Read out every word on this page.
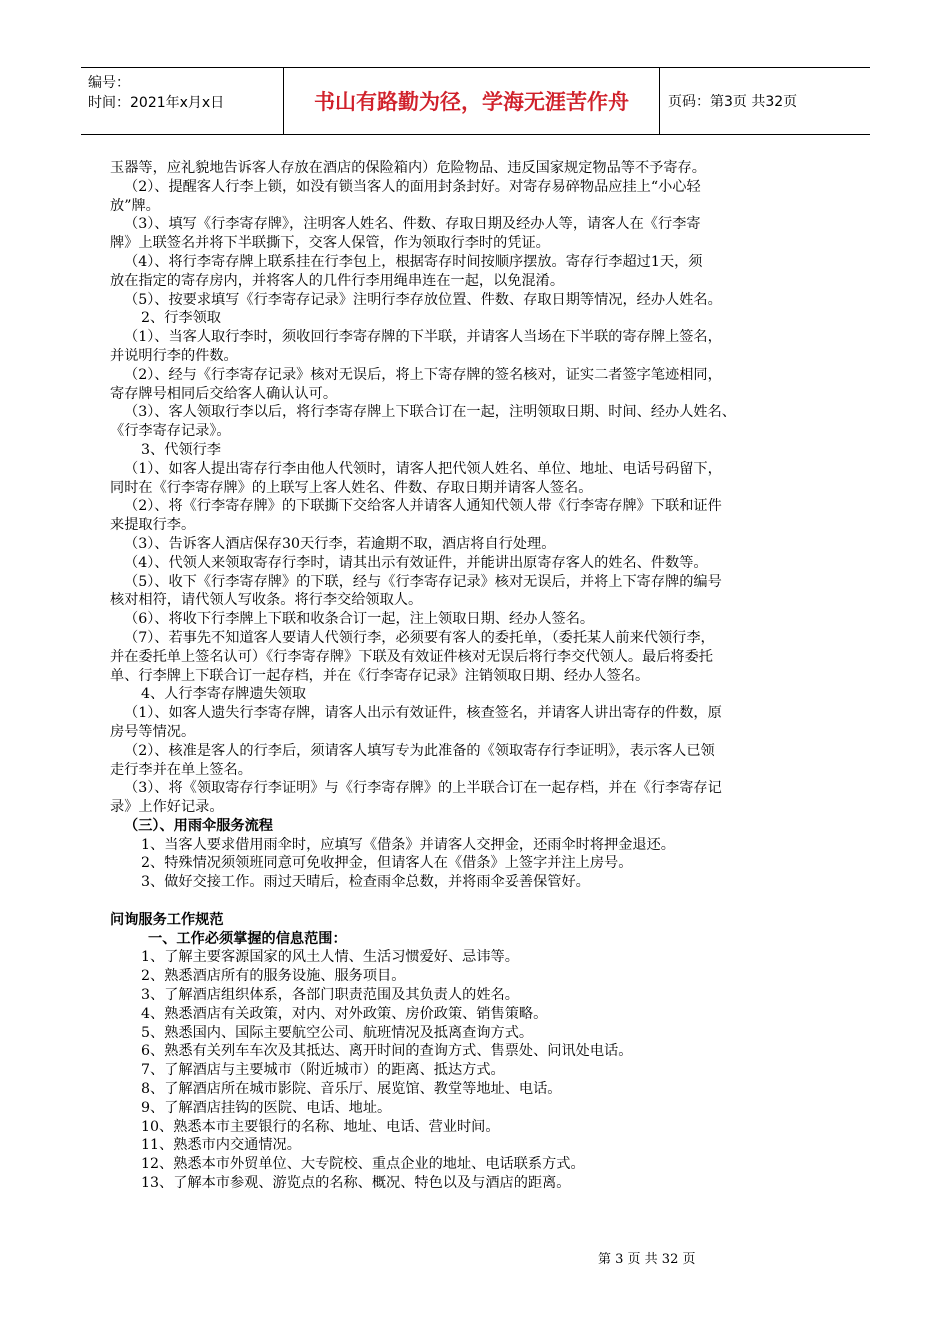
编号：
时间：2021年x月x日	书山有路勤为径，学海无涯苦作舟	页码：第3页 共32页
玉器等，应礼貌地告诉客人存放在酒店的保险箱内）危险物品、违反国家规定物品等不予寄存。
（2）、提醒客人行李上锁，如没有锁当客人的面用封条封好。对寄存易碎物品应挂上“小心轻
放”牌。
（3）、填写《行李寄存牌》，注明客人姓名、件数、存取日期及经办人等，请客人在《行李寄
牌》上联签名并将下半联撕下，交客人保管，作为领取行李时的凭证。
（4）、将行李寄存牌上联系挂在行李包上，根据寄存时间按顺序摆放。寄存行李超过1天，须
放在指定的寄存房内，并将客人的几件行李用绳串连在一起，以免混淆。
（5）、按要求填写《行李寄存记录》注明行李存放位置、件数、存取日期等情况，经办人姓名。
2、行李领取
（1）、当客人取行李时，须收回行李寄存牌的下半联，并请客人当场在下半联的寄存牌上签名，
并说明行李的件数。
（2）、经与《行李寄存记录》核对无误后，将上下寄存牌的签名核对，证实二者签字笔迹相同，
寄存牌号相同后交给客人确认认可。
（3）、客人领取行李以后，将行李寄存牌上下联合订在一起，注明领取日期、时间、经办人姓名、
《行李寄存记录》。
3、代领行李
（1）、如客人提出寄存行李由他人代领时，请客人把代领人姓名、单位、地址、电话号码留下，
同时在《行李寄存牌》的上联写上客人姓名、件数、存取日期并请客人签名。
（2）、将《行李寄存牌》的下联撕下交给客人并请客人通知代领人带《行李寄存牌》下联和证件
来提取行李。
（3）、告诉客人酒店保存30天行李，若逾期不取，酒店将自行处理。
（4）、代领人来领取寄存行李时，请其出示有效证件，并能讲出原寄存客人的姓名、件数等。
（5）、收下《行李寄存牌》的下联，经与《行李寄存记录》核对无误后，并将上下寄存牌的编号
核对相符，请代领人写收条。将行李交给领取人。
（6）、将收下行李牌上下联和收条合订一起，注上领取日期、经办人签名。
（7）、若事先不知道客人要请人代领行李，必须要有客人的委托单，（委托某人前来代领行李，
并在委托单上签名认可）《行李寄存牌》下联及有效证件核对无误后将行李交代领人。最后将委托
单、行李牌上下联合订一起存档，并在《行李寄存记录》注销领取日期、经办人签名。
4、人行李寄存牌遗失领取
（1）、如客人遗失行李寄存牌，请客人出示有效证件，核查签名，并请客人讲出寄存的件数，原
房号等情况。
（2）、核准是客人的行李后，须请客人填写专为此准备的《领取寄存行李证明》，表示客人已领
走行李并在单上签名。
（3）、将《领取寄存行李证明》与《行李寄存牌》的上半联合订在一起存档，并在《行李寄存记
录》上作好记录。
（三）、用雨伞服务流程
1、当客人要求借用雨伞时，应填写《借条》并请客人交押金，还雨伞时将押金退还。
2、特殊情况须领班同意可免收押金，但请客人在《借条》上签字并注上房号。
3、做好交接工作。雨过天晴后，检查雨伞总数，并将雨伞妥善保管好。
问询服务工作规范
一、工作必须掌握的信息范围：
1、了解主要客源国家的风土人情、生活习惯爱好、忌讳等。
2、熟悉酒店所有的服务设施、服务项目。
3、了解酒店组织体系，各部门职责范围及其负责人的姓名。
4、熟悉酒店有关政策，对内、对外政策、房价政策、销售策略。
5、熟悉国内、国际主要航空公司、航班情况及抵离查询方式。
6、熟悉有关列车车次及其抵达、离开时间的查询方式、售票处、问讯处电话。
7、了解酒店与主要城市（附近城市）的距离、抵达方式。
8、了解酒店所在城市影院、音乐厅、展览馆、教堂等地址、电话。
9、了解酒店挂钩的医院、电话、地址。
10、熟悉本市主要银行的名称、地址、电话、营业时间。
11、熟悉市内交通情况。
12、熟悉本市外贸单位、大专院校、重点企业的地址、电话联系方式。
13、了解本市参观、游览点的名称、概况、特色以及与酒店的距离。
第 3 页 共 32 页
